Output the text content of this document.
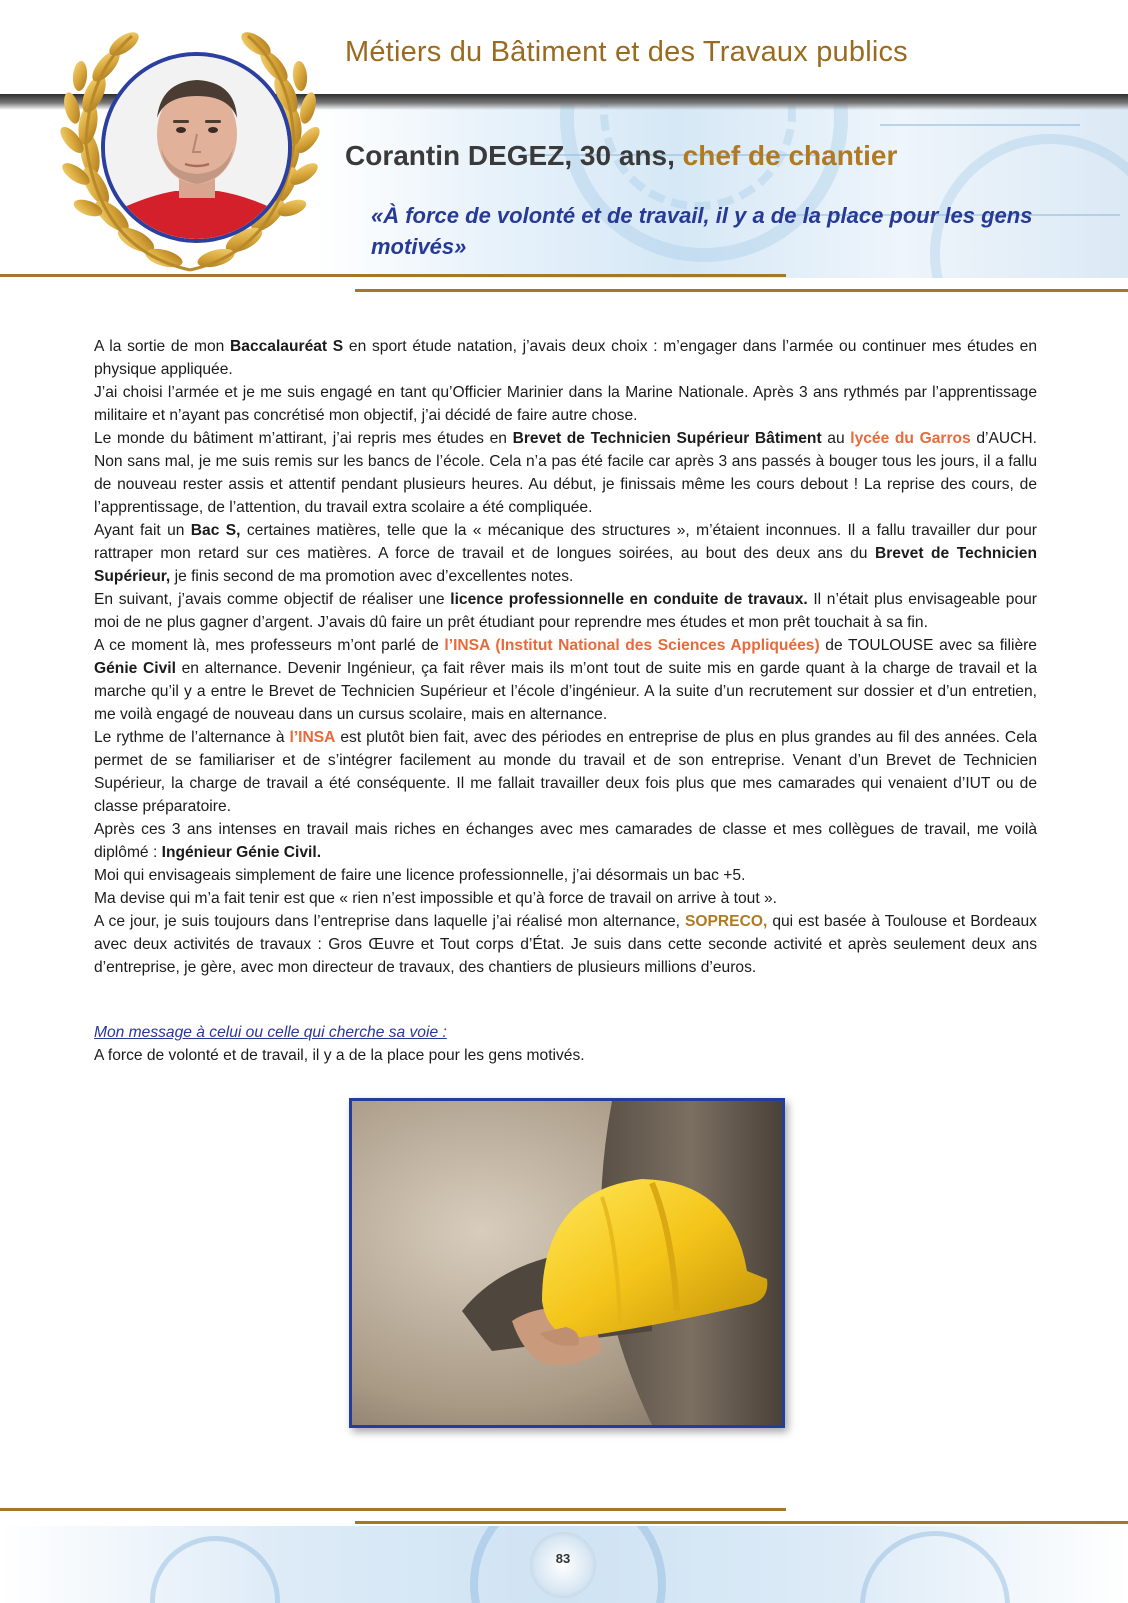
Métiers du Bâtiment et des Travaux publics
Corantin DEGEZ, 30 ans, chef de chantier
«À force de volonté et de travail, il y a de la place pour les gens motivés»

A la sortie de mon Baccalauréat S en sport étude natation, j’avais deux choix : m’engager dans l’armée ou continuer mes études en physique appliquée.

J’ai choisi l’armée et je me suis engagé en tant qu’Officier Marinier dans la Marine Nationale. Après 3 ans rythmés par l’apprentissage militaire et n’ayant pas concrétisé mon objectif, j’ai décidé de faire autre chose.

Le monde du bâtiment m’attirant, j’ai repris mes études en Brevet de Technicien Supérieur Bâtiment au lycée du Garros d’AUCH. Non sans mal, je me suis remis sur les bancs de l’école. Cela n’a pas été facile car après 3 ans passés à bouger tous les jours, il a fallu de nouveau rester assis et attentif pendant plusieurs heures. Au début, je finissais même les cours debout ! La reprise des cours, de l’apprentissage, de l’attention, du travail extra scolaire a été compliquée.

Ayant fait un Bac S, certaines matières, telle que la « mécanique des structures », m’étaient inconnues. Il a fallu travailler dur pour rattraper mon retard sur ces matières. A force de travail et de longues soirées, au bout des deux ans du Brevet de Technicien Supérieur, je finis second de ma promotion avec d’excellentes notes.

En suivant, j’avais comme objectif de réaliser une licence professionnelle en conduite de travaux. Il n’était plus envisageable pour moi de ne plus gagner d’argent. J’avais dû faire un prêt étudiant pour reprendre mes études et mon prêt touchait à sa fin.

A ce moment là, mes professeurs m’ont parlé de l’INSA (Institut National des Sciences Appliquées) de TOULOUSE avec sa filière Génie Civil en alternance. Devenir Ingénieur, ça fait rêver mais ils m’ont tout de suite mis en garde quant à la charge de travail et la marche qu’il y a entre le Brevet de Technicien Supérieur et l’école d’ingénieur. A la suite d’un recrutement sur dossier et d’un entretien, me voilà engagé de nouveau dans un cursus scolaire, mais en alternance.

Le rythme de l’alternance à l’INSA est plutôt bien fait, avec des périodes en entreprise de plus en plus grandes au fil des années. Cela permet de se familiariser et de s’intégrer facilement au monde du travail et de son entreprise. Venant d’un Brevet de Technicien Supérieur, la charge de travail a été conséquente. Il me fallait travailler deux fois plus que mes camarades qui venaient d’IUT ou de classe préparatoire.

Après ces 3 ans intenses en travail mais riches en échanges avec mes camarades de classe et mes collègues de travail, me voilà diplômé : Ingénieur Génie Civil.

Moi qui envisageais simplement de faire une licence professionnelle, j’ai désormais un bac +5.

Ma devise qui m’a fait tenir est que « rien n’est impossible et qu’à force de travail on arrive à tout ».

A ce jour, je suis toujours dans l’entreprise dans laquelle j’ai réalisé mon alternance, SOPRECO, qui est basée à Toulouse et Bordeaux avec deux activités de travaux : Gros Œuvre et Tout corps d’État. Je suis dans cette seconde activité et après seulement deux ans d’entreprise, je gère, avec mon directeur de travaux, des chantiers de plusieurs millions d’euros.

Mon message à celui ou celle qui cherche sa voie :
A force de volonté et de travail, il y a de la place pour les gens motivés.
83
